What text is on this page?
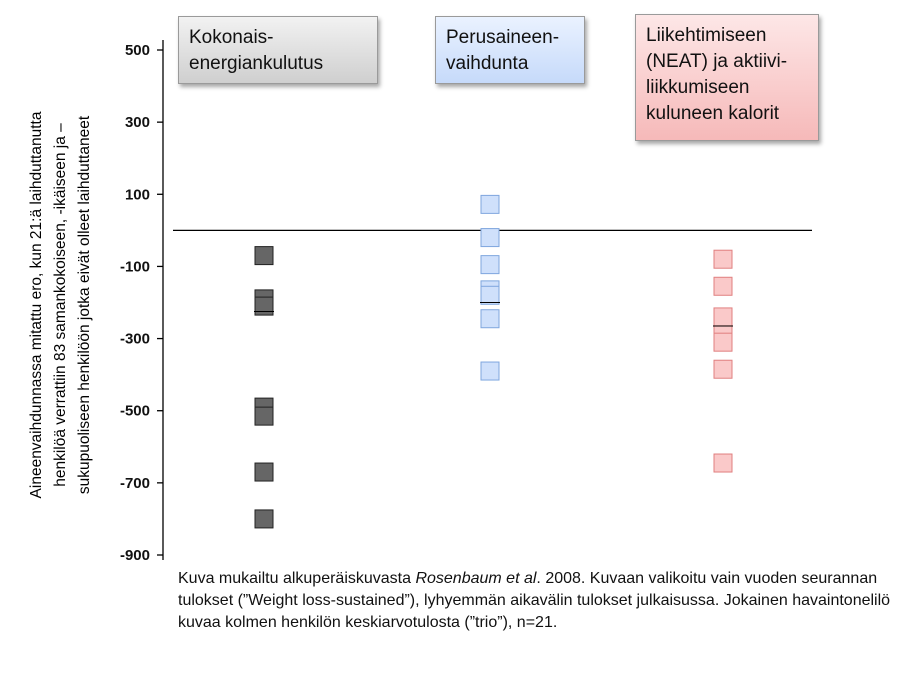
Aineenvaihdunnassa mitattu ero, kun 21:ä laihduttanutta henkilöä verrattiin 83 samankokoiseen, -ikäiseen ja – sukupuoliseen henkilöön jotka eivät olleet laihduttaneet
500
300
100
-100
-300
-500
-700
-900
Kokonais-
energiankulutus
Perusaineen-
vaihdunta
Liikehtimiseen
(NEAT) ja aktiivi-
liikkumiseen
kuluneen kalorit
Kuva mukailtu alkuperäiskuvasta Rosenbaum et al. 2008. Kuvaan valikoitu vain vuoden seurannan tulokset (”Weight loss-sustained”), lyhyemmän aikavälin tulokset julkaisussa. Jokainen havaintonelilö kuvaa kolmen henkilön keskiarvotulosta (”trio”), n=21.
